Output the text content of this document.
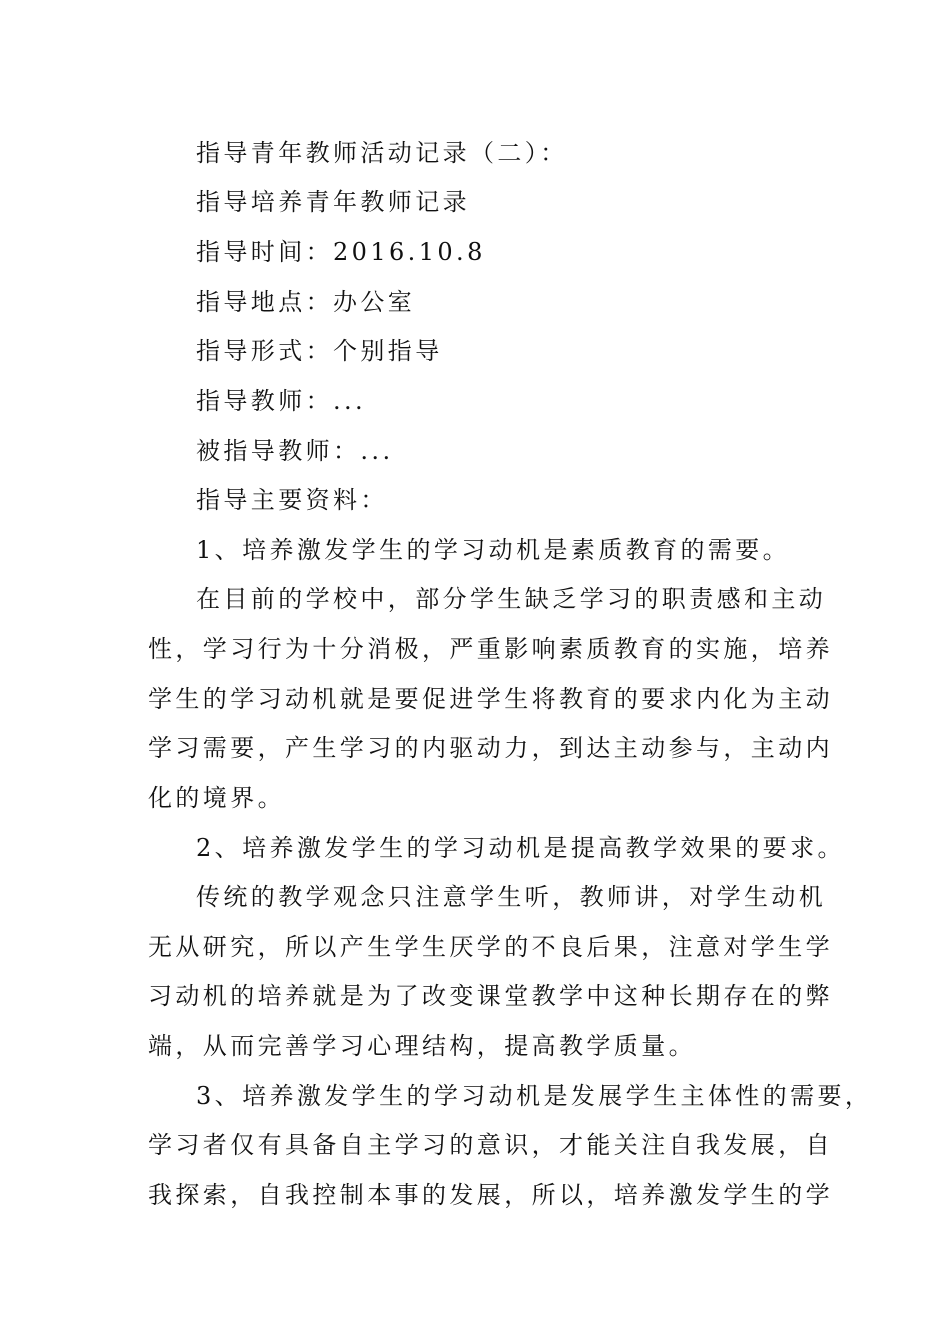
指导青年教师活动记录（二）：
指导培养青年教师记录
指导时间：2016.10.8
指导地点：办公室
指导形式：个别指导
指导教师：...
被指导教师：...
指导主要资料：
1、培养激发学生的学习动机是素质教育的需要。
在目前的学校中，部分学生缺乏学习的职责感和主动
性，学习行为十分消极，严重影响素质教育的实施，培养
学生的学习动机就是要促进学生将教育的要求内化为主动
学习需要，产生学习的内驱动力，到达主动参与，主动内
化的境界。
2、培养激发学生的学习动机是提高教学效果的要求。
传统的教学观念只注意学生听，教师讲，对学生动机
无从研究，所以产生学生厌学的不良后果，注意对学生学
习动机的培养就是为了改变课堂教学中这种长期存在的弊
端，从而完善学习心理结构，提高教学质量。
3、培养激发学生的学习动机是发展学生主体性的需要，
学习者仅有具备自主学习的意识，才能关注自我发展，自
我探索，自我控制本事的发展，所以，培养激发学生的学
